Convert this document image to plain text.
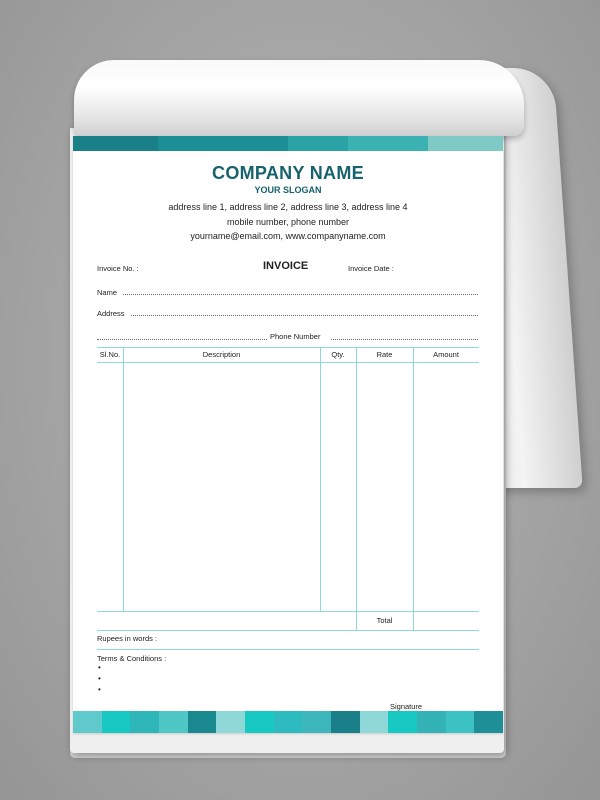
COMPANY NAME
YOUR SLOGAN
address line 1, address line 2, address line 3, address line 4
mobile number, phone number
yourname@email.com, www.companyname.com
Invoice No. :	INVOICE	Invoice Date :
Name
Address
Phone Number
Sl.No.	Description	Qty.	Rate	Amount
Total
Rupees in words :
Terms & Conditions :
•
•
•
Signature
